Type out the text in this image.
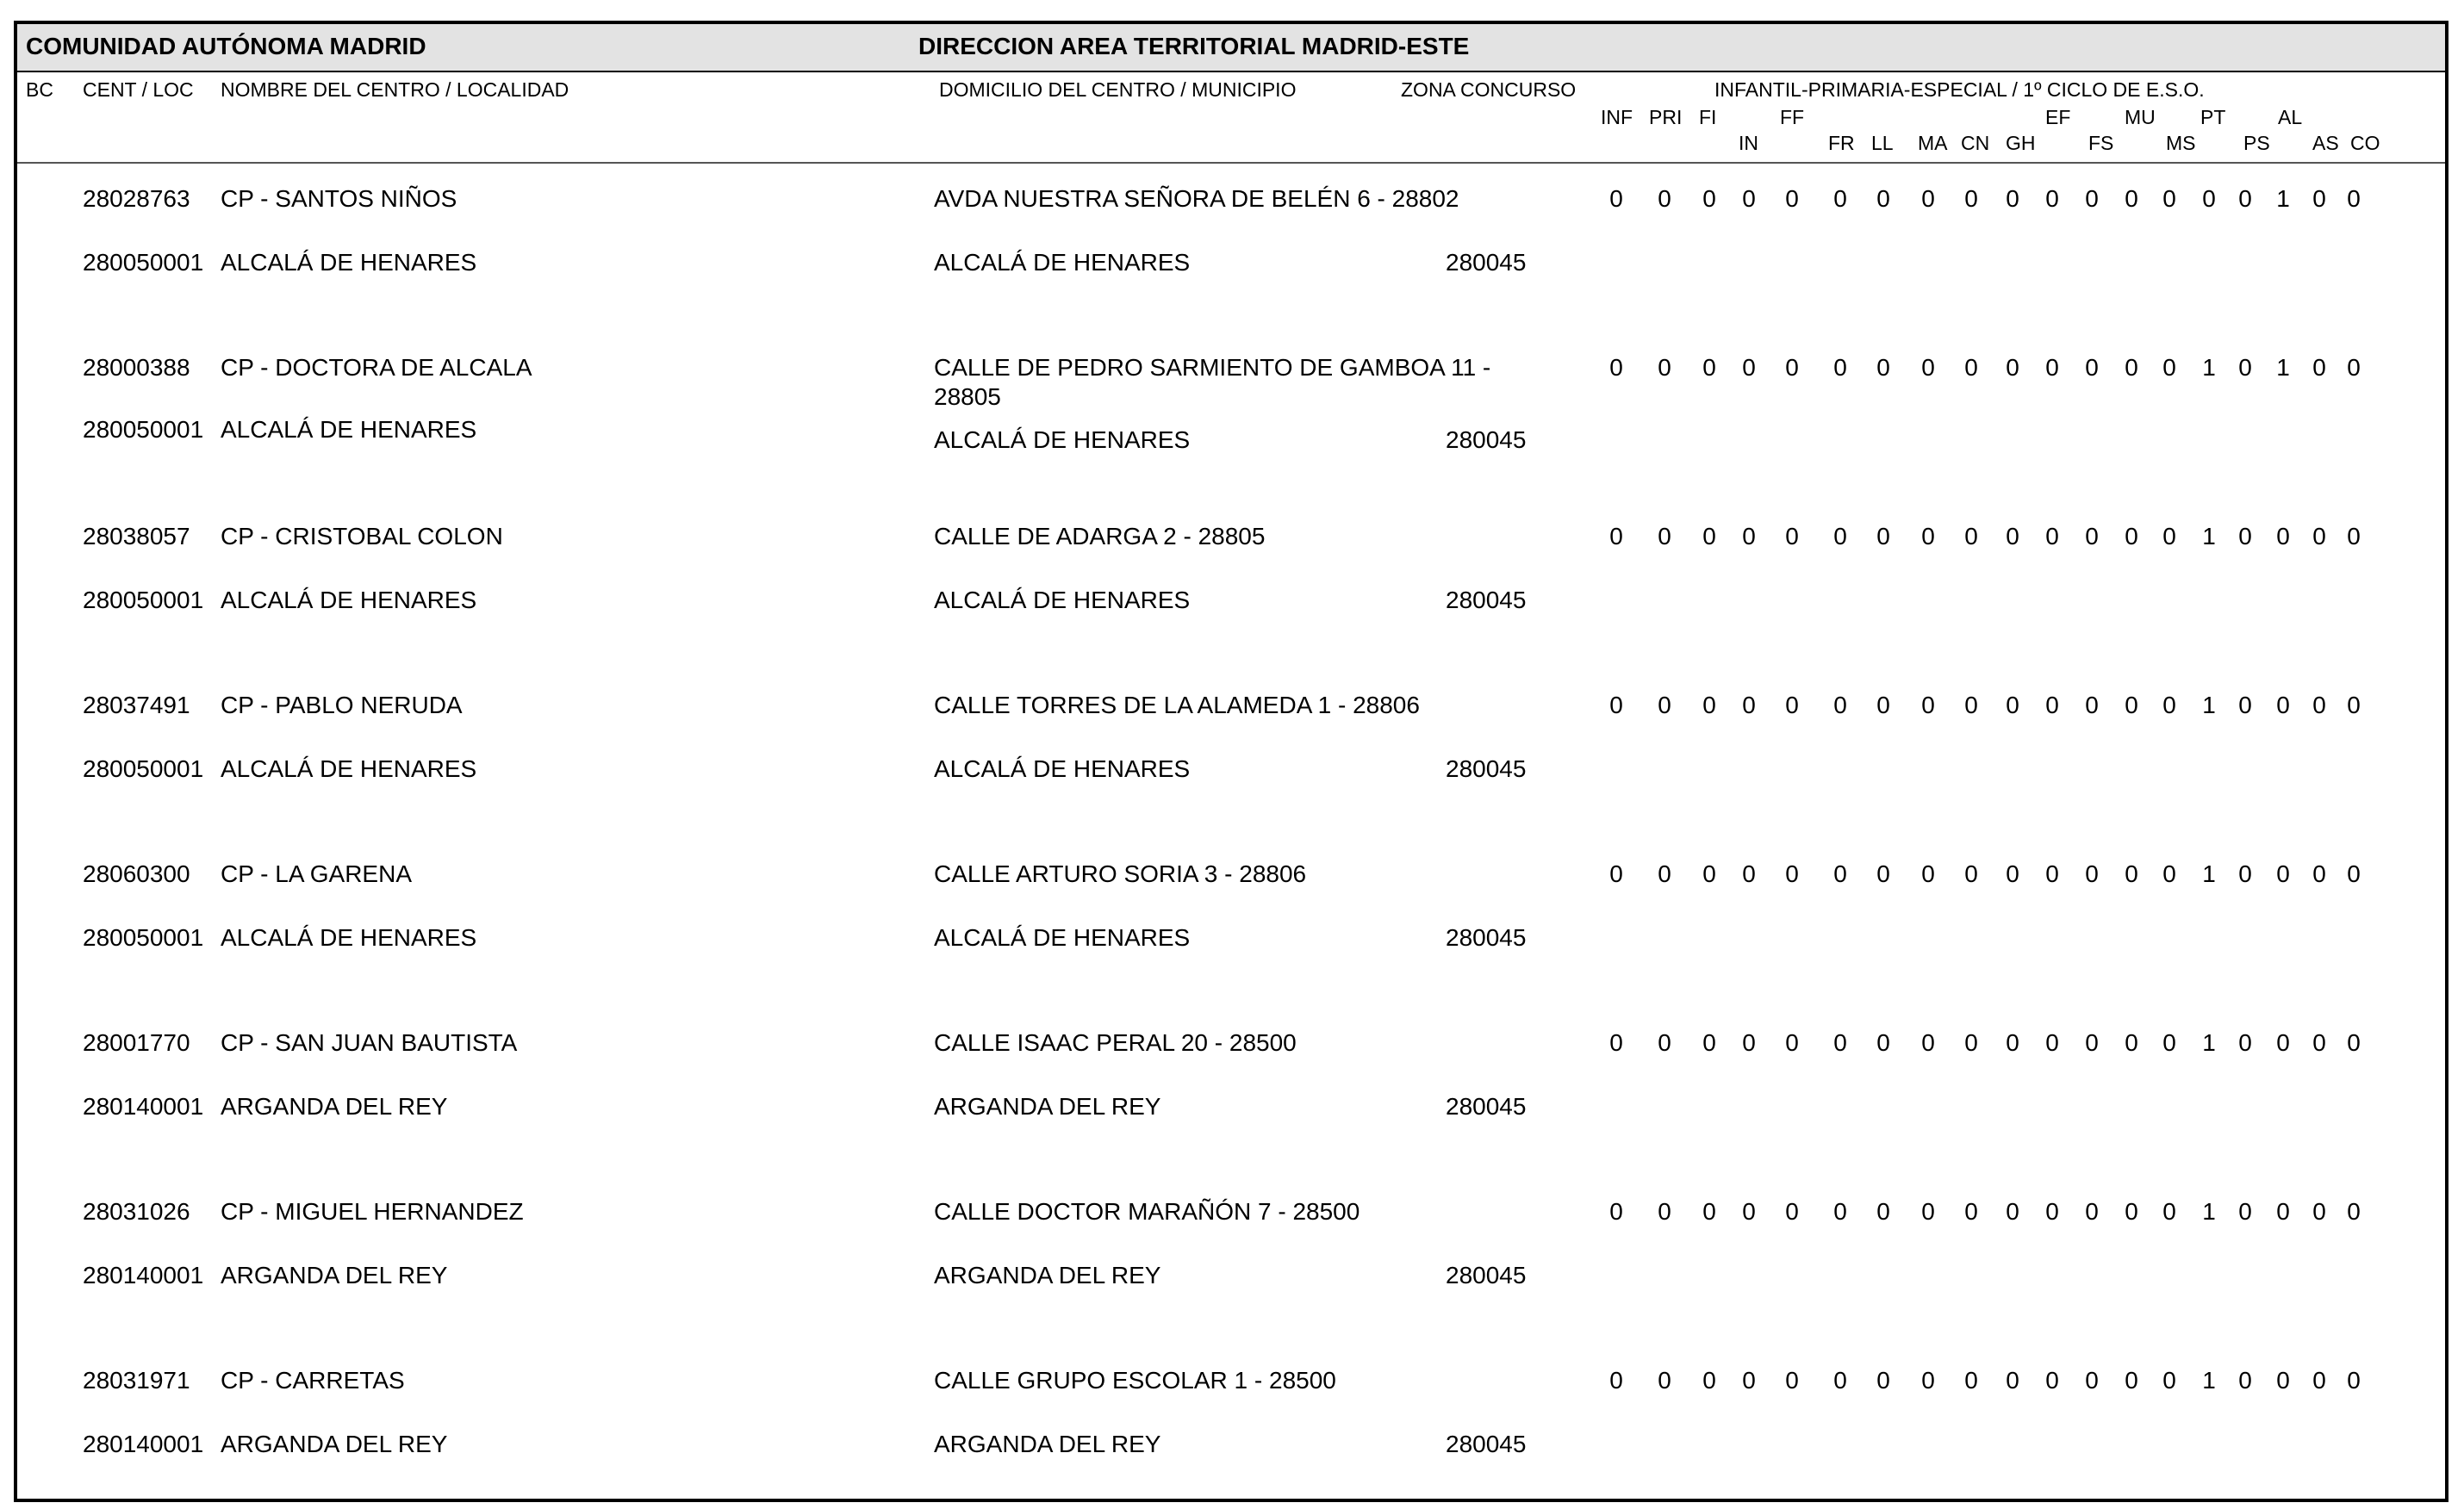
COMUNIDAD AUTÓNOMA MADRID	DIRECCION AREA TERRITORIAL MADRID-ESTE
BC CENT / LOC NOMBRE DEL CENTRO / LOCALIDAD	DOMICILIO DEL CENTRO / MUNICIPIO	ZONA CONCURSO	INFANTIL-PRIMARIA-ESPECIAL / 1º CICLO DE E.S.O.
INF PRI FI	FF	EF	MU PT	AL
IN	FR LL MA CN GH	FS	MS PS AS CO
28028763 CP - SANTOS NIÑOS	AVDA NUESTRA SEÑORA DE BELÉN 6 - 28802	0 0 0 0 0 0 0 0 0 0 0 0 0 0 0 0 1 0 0
280050001 ALCALÁ DE HENARES	ALCALÁ DE HENARES	280045
28000388 CP - DOCTORA DE ALCALA	CALLE DE PEDRO SARMIENTO DE GAMBOA 11 - 28805
0 0 0 0 0 0 0 0 0 0 0 0 0 0 1 0 1 0 0
280050001 ALCALÁ DE HENARES	ALCALÁ DE HENARES	280045
28038057 CP - CRISTOBAL COLON	CALLE DE ADARGA 2 - 28805	0 0 0 0 0 0 0 0 0 0 0 0 0 0 1 0 0 0 0
280050001 ALCALÁ DE HENARES	ALCALÁ DE HENARES	280045
28037491 CP - PABLO NERUDA	CALLE TORRES DE LA ALAMEDA 1 - 28806	0 0 0 0 0 0 0 0 0 0 0 0 0 0 1 0 0 0 0
280050001 ALCALÁ DE HENARES	ALCALÁ DE HENARES	280045
28060300 CP - LA GARENA	CALLE ARTURO SORIA 3 - 28806	0 0 0 0 0 0 0 0 0 0 0 0 0 0 1 0 0 0 0
280050001 ALCALÁ DE HENARES	ALCALÁ DE HENARES	280045
28001770 CP - SAN JUAN BAUTISTA	CALLE ISAAC PERAL 20 - 28500	0 0 0 0 0 0 0 0 0 0 0 0 0 0 1 0 0 0 0
280140001 ARGANDA DEL REY	ARGANDA DEL REY	280045
28031026 CP - MIGUEL HERNANDEZ	CALLE DOCTOR MARAÑÓN 7 - 28500	0 0 0 0 0 0 0 0 0 0 0 0 0 0 1 0 0 0 0
280140001 ARGANDA DEL REY	ARGANDA DEL REY	280045
28031971 CP - CARRETAS	CALLE GRUPO ESCOLAR 1 - 28500	0 0 0 0 0 0 0 0 0 0 0 0 0 0 1 0 0 0 0
280140001 ARGANDA DEL REY	ARGANDA DEL REY	280045
